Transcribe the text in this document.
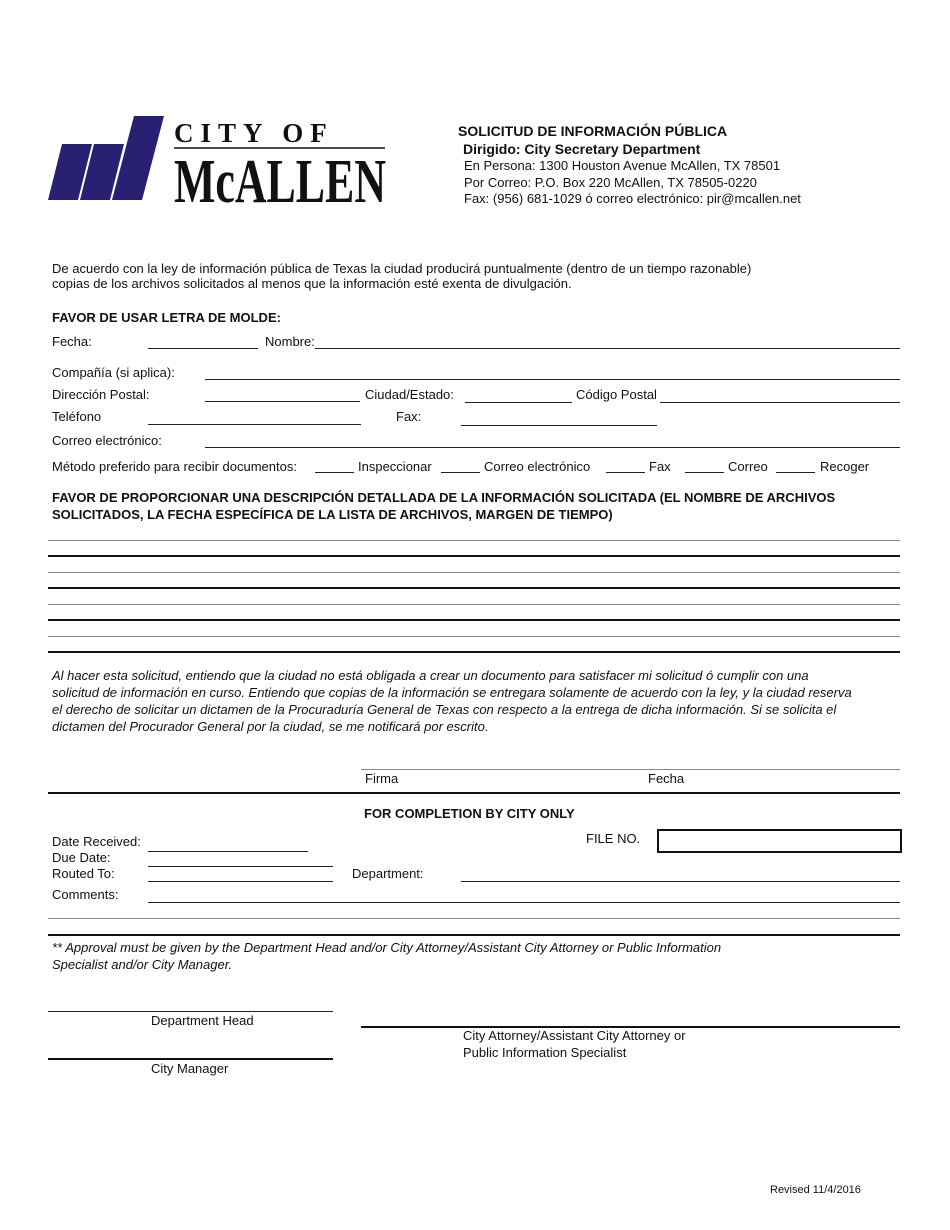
CITY OF
McALLEN
SOLICITUD DE INFORMACIÓN PÚBLICA
Dirigido: City Secretary Department
En Persona: 1300 Houston Avenue McAllen, TX 78501
Por Correo: P.O. Box 220 McAllen, TX 78505-0220
Fax: (956) 681-1029 ó correo electrónico: pir@mcallen.net
De acuerdo con la ley de información pública de Texas la ciudad producirá puntualmente (dentro de un tiempo razonable)
copias de los archivos solicitados al menos que la información esté exenta de divulgación.
FAVOR DE USAR LETRA DE MOLDE:
Fecha:	Nombre:
Compañía (si aplica):
Dirección Postal:	Ciudad/Estado:	Código Postal
Teléfono	Fax:
Correo electrónico:
Método preferido para recibir documentos:	Inspeccionar	Correo electrónico	Fax	Correo	Recoger
FAVOR DE PROPORCIONAR UNA DESCRIPCIÓN DETALLADA DE LA INFORMACIÓN SOLICITADA (EL NOMBRE DE ARCHIVOS
SOLICITADOS, LA FECHA ESPECÍFICA DE LA LISTA DE ARCHIVOS, MARGEN DE TIEMPO)
Al hacer esta solicitud, entiendo que la ciudad no está obligada a crear un documento para satisfacer mi solicitud ó cumplir con una
solicitud de información en curso. Entiendo que copias de la información se entregara solamente de acuerdo con la ley, y la ciudad reserva
el derecho de solicitar un dictamen de la Procuraduría General de Texas con respecto a la entrega de dicha información. Si se solicita el
dictamen del Procurador General por la ciudad, se me notificará por escrito.
Firma	Fecha
FOR COMPLETION BY CITY ONLY
Date Received:	FILE NO.
Due Date:
Routed To:	Department:
Comments:
** Approval must be given by the Department Head and/or City Attorney/Assistant City Attorney or Public Information
Specialist and/or City Manager.
Department Head
City Attorney/Assistant City Attorney or
Public Information Specialist
City Manager
Revised 11/4/2016
